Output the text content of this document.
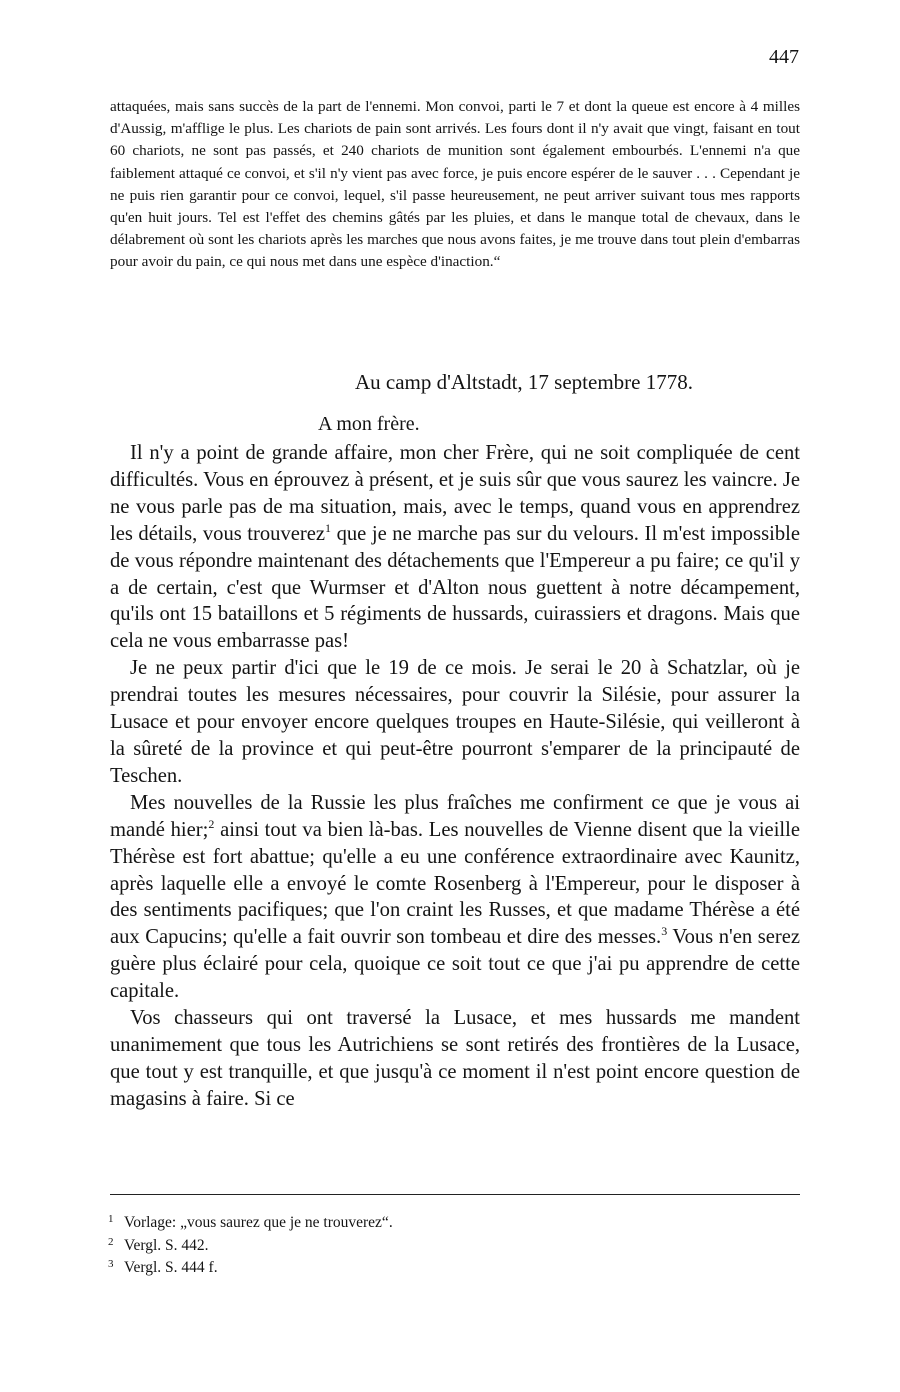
447

attaquées, mais sans succès de la part de l'ennemi. Mon convoi, parti le 7 et dont la queue est encore à 4 milles d'Aussig, m'afflige le plus. Les chariots de pain sont arrivés. Les fours dont il n'y avait que vingt, faisant en tout 60 chariots, ne sont pas passés, et 240 chariots de munition sont également embourbés. L'ennemi n'a que faiblement attaqué ce convoi, et s'il n'y vient pas avec force, je puis encore espérer de le sauver . . . Cependant je ne puis rien garantir pour ce convoi, lequel, s'il passe heureusement, ne peut arriver suivant tous mes rapports qu'en huit jours. Tel est l'effet des chemins gâtés par les pluies, et dans le manque total de chevaux, dans le délabrement où sont les chariots après les marches que nous avons faites, je me trouve dans tout plein d'embarras pour avoir du pain, ce qui nous met dans une espèce d'inaction.“

Au camp d'Altstadt, 17 septembre 1778.
A mon frère.

Il n'y a point de grande affaire, mon cher Frère, qui ne soit compliquée de cent difficultés. Vous en éprouvez à présent, et je suis sûr que vous saurez les vaincre. Je ne vous parle pas de ma situation, mais, avec le temps, quand vous en apprendrez les détails, vous trouverez$^1$ que je ne marche pas sur du velours. Il m'est impossible de vous répondre maintenant des détachements que l'Empereur a pu faire; ce qu'il y a de certain, c'est que Wurmser et d'Alton nous guettent à notre décampement, qu'ils ont 15 bataillons et 5 régiments de hussards, cuirassiers et dragons. Mais que cela ne vous embarrasse pas!

Je ne peux partir d'ici que le 19 de ce mois. Je serai le 20 à Schatzlar, où je prendrai toutes les mesures nécessaires, pour couvrir la Silésie, pour assurer la Lusace et pour envoyer encore quelques troupes en Haute-Silésie, qui veilleront à la sûreté de la province et qui peut-être pourront s'emparer de la principauté de Teschen.

Mes nouvelles de la Russie les plus fraîches me confirment ce que je vous ai mandé hier;$^2$ ainsi tout va bien là-bas. Les nouvelles de Vienne disent que la vieille Thérèse est fort abattue; qu'elle a eu une conférence extraordinaire avec Kaunitz, après laquelle elle a envoyé le comte Rosenberg à l'Empereur, pour le disposer à des sentiments pacifiques; que l'on craint les Russes, et que madame Thérèse a été aux Capucins; qu'elle a fait ouvrir son tombeau et dire des messes.$^3$ Vous n'en serez guère plus éclairé pour cela, quoique ce soit tout ce que j'ai pu apprendre de cette capitale.

Vos chasseurs qui ont traversé la Lusace, et mes hussards me mandent unanimement que tous les Autrichiens se sont retirés des frontières de la Lusace, que tout y est tranquille, et que jusqu'à ce moment il n'est point encore question de magasins à faire. Si ce

1 Vorlage: „vous saurez que je ne trouverez“.
2 Vergl. S. 442.
3 Vergl. S. 444 f.
